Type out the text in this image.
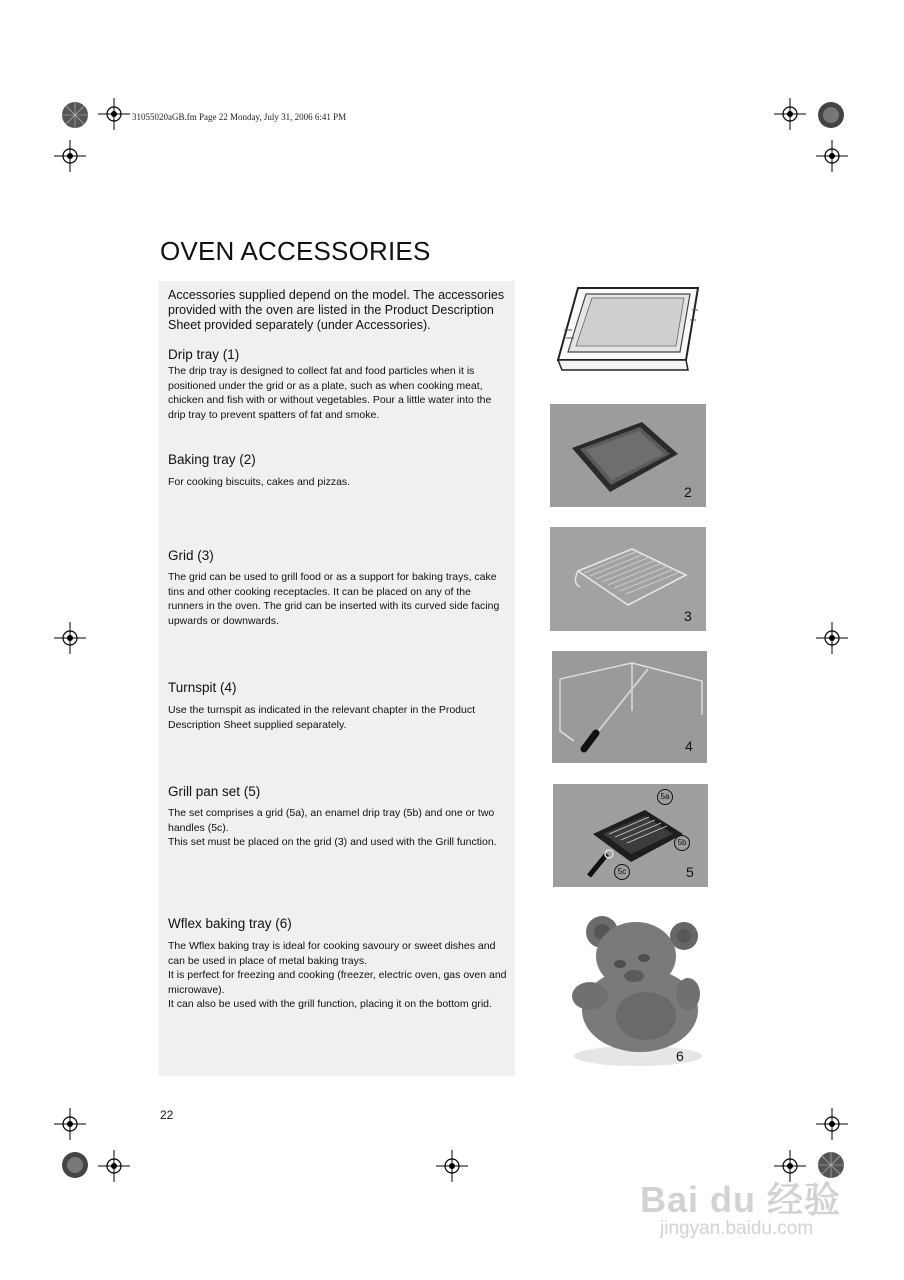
31055020aGB.fm Page 22 Monday, July 31, 2006 6:41 PM
OVEN ACCESSORIES
Accessories supplied depend on the model. The accessories provided with the oven are listed in the Product Description Sheet provided separately (under Accessories).
Drip tray (1)
The drip tray is designed to collect fat and food particles when it is positioned under the grid or as a plate, such as when cooking meat, chicken and fish with or without vegetables. Pour a little water into the drip tray to prevent spatters of fat and smoke.
Baking tray (2)
For cooking biscuits, cakes and pizzas.
Grid (3)
The grid can be used to grill food or as a support for baking trays, cake tins and other cooking receptacles. It can be placed on any of the runners in the oven. The grid can be inserted with its curved side facing upwards or downwards.
Turnspit (4)
Use the turnspit as indicated in the relevant chapter in the Product Description Sheet supplied separately.
Grill pan set (5)
The set comprises a grid (5a), an enamel drip tray (5b) and one or two handles (5c).
This set must be placed on the grid (3) and used with the Grill function.
Wflex baking tray (6)
The Wflex baking tray is ideal for cooking savoury or sweet dishes and can be used in place of metal baking trays.
It is perfect for freezing and cooking (freezer, electric oven, gas oven and microwave).
It can also be used with the grill function, placing it on the bottom grid.
22
2
3
4
5a
5b
5c	5
6
Bai du 经验
jingyan.baidu.com
